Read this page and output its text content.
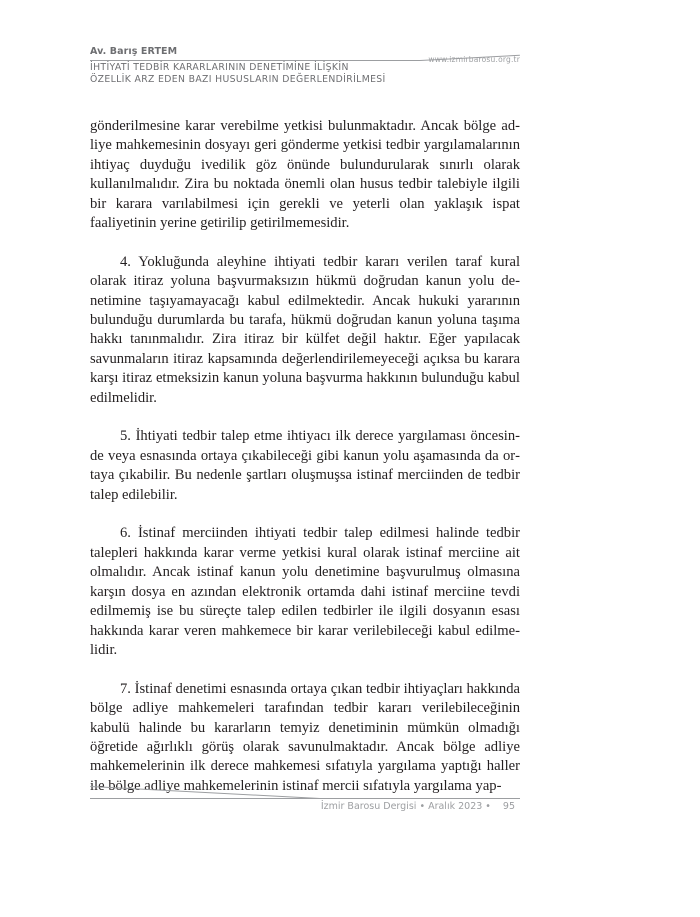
Av. Barış ERTEM
www.izmirbarosu.org.tr
İHTİYATİ TEDBİR KARARLARININ DENETİMİNE İLİŞKİN
ÖZELLİK ARZ EDEN BAZI HUSUSLARIN DEĞERLENDİRİLMESİ

gönderilmesine karar verebilme yetkisi bulunmaktadır. Ancak bölge adliye mahkemesinin dosyayı geri gönderme yetkisi tedbir yargılamalarının ihtiyaç duyduğu ivedilik göz önünde bulundurularak sınırlı olarak kullanılmalıdır. Zira bu noktada önemli olan husus tedbir talebiyle ilgili bir karara varılabilmesi için gerekli ve yeterli olan yaklaşık ispat faaliyetinin yerine getirilip getirilmemesidir.

4. Yokluğunda aleyhine ihtiyati tedbir kararı verilen taraf kural olarak itiraz yoluna başvurmaksızın hükmü doğrudan kanun yolu denetimine taşıyamayacağı kabul edilmektedir. Ancak hukuki yararının bulunduğu durumlarda bu tarafa, hükmü doğrudan kanun yoluna taşıma hakkı tanınmalıdır. Zira itiraz bir külfet değil haktır. Eğer yapılacak savunmaların itiraz kapsamında değerlendirilemeyeceği açıksa bu karara karşı itiraz etmeksizin kanun yoluna başvurma hakkının bulunduğu kabul edilmelidir.

5. İhtiyati tedbir talep etme ihtiyacı ilk derece yargılaması öncesinde veya esnasında ortaya çıkabileceği gibi kanun yolu aşamasında da ortaya çıkabilir. Bu nedenle şartları oluşmuşsa istinaf merciinden de tedbir talep edilebilir.

6. İstinaf merciinden ihtiyati tedbir talep edilmesi halinde tedbir talepleri hakkında karar verme yetkisi kural olarak istinaf merciine ait olmalıdır. Ancak istinaf kanun yolu denetimine başvurulmuş olmasına karşın dosya en azından elektronik ortamda dahi istinaf merciine tevdi edilmemiş ise bu süreçte talep edilen tedbirler ile ilgili dosyanın esası hakkında karar veren mahkemece bir karar verilebileceği kabul edilmelidir.

7. İstinaf denetimi esnasında ortaya çıkan tedbir ihtiyaçları hakkında bölge adliye mahkemeleri tarafından tedbir kararı verilebileceğinin kabulü halinde bu kararların temyiz denetiminin mümkün olmadığı öğretide ağırlıklı görüş olarak savunulmaktadır. Ancak bölge adliye mahkemelerinin ilk derece mahkemesi sıfatıyla yargılama yaptığı haller ile bölge adliye mahkemelerinin istinaf mercii sıfatıyla yargılama yap-

İzmir Barosu Dergisi • Aralık 2023 • 95
